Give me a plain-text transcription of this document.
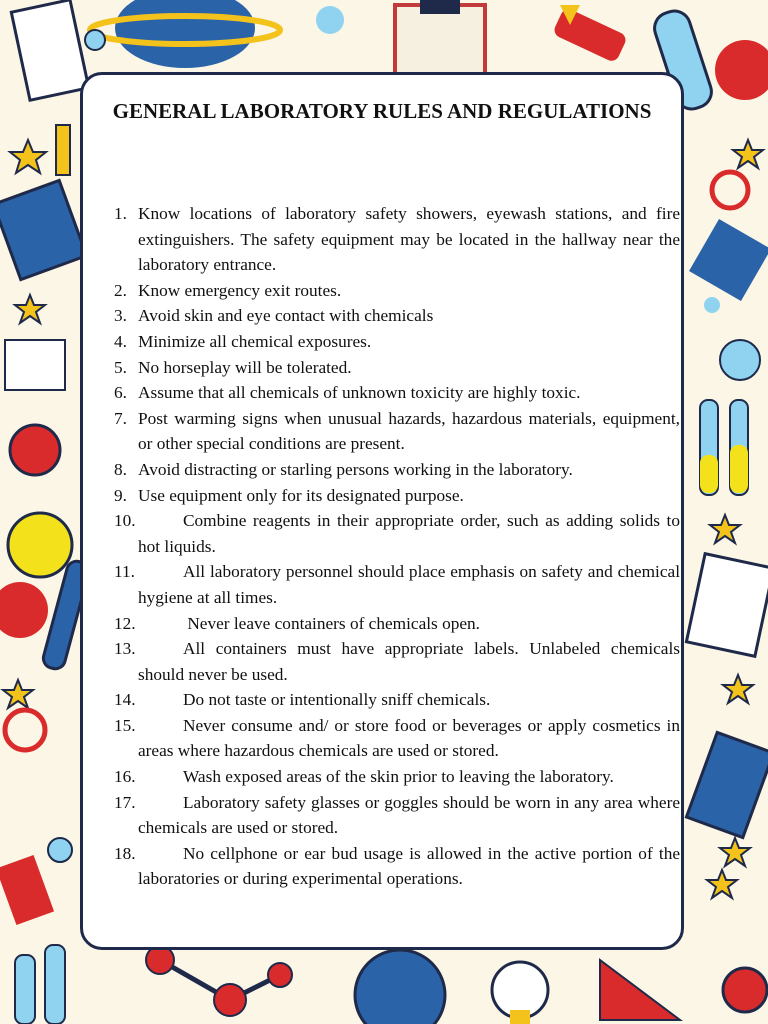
GENERAL LABORATORY RULES AND REGULATIONS
1. Know locations of laboratory safety showers, eyewash stations, and fire extinguishers. The safety equipment may be located in the hallway near the laboratory entrance.
2. Know emergency exit routes.
3. Avoid skin and eye contact with chemicals
4. Minimize all chemical exposures.
5. No horseplay will be tolerated.
6. Assume that all chemicals of unknown toxicity are highly toxic.
7. Post warming signs when unusual hazards, hazardous materials, equipment, or other special conditions are present.
8. Avoid distracting or starling persons working in the laboratory.
9. Use equipment only for its designated purpose.
10.	Combine reagents in their appropriate order, such as adding solids to hot liquids.
11.	All laboratory personnel should place emphasis on safety and chemical hygiene at all times.
12.	Never leave containers of chemicals open.
13.	All containers must have appropriate labels. Unlabeled chemicals should never be used.
14.	Do not taste or intentionally sniff chemicals.
15.	Never consume and/ or store food or beverages or apply cosmetics in areas where hazardous chemicals are used or stored.
16.	Wash exposed areas of the skin prior to leaving the laboratory.
17.	Laboratory safety glasses or goggles should be worn in any area where chemicals are used or stored.
18.	No cellphone or ear bud usage is allowed in the active portion of the laboratories or during experimental operations.
